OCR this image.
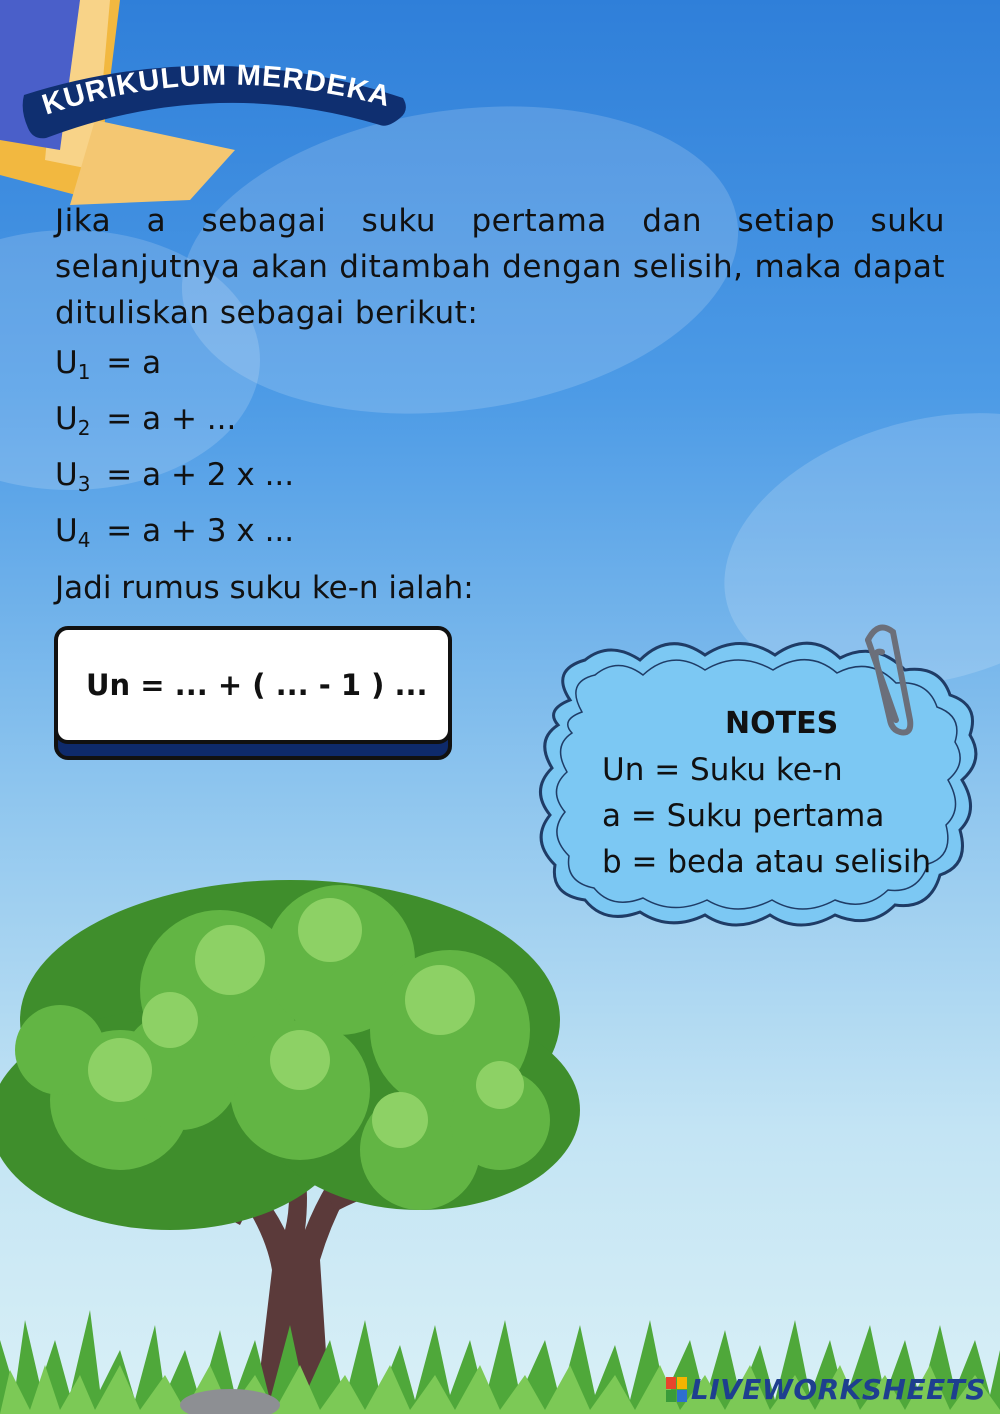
KURIKULUM MERDEKA
Jika a sebagai suku pertama dan setiap suku selanjutnya akan ditambah dengan selisih, maka dapat dituliskan sebagai berikut:
$U_1 = a$
$U_2 = a$ + ...
$U_3 = a + 2$ x ...
$U_4 = a + 3$ x ...
Jadi rumus suku ke-n ialah:
Un = ... + ( ... - 1 ) ...
NOTES
Un = Suku ke-n
a = Suku pertama
b = beda atau selisih
LIVEWORKSHEETS
